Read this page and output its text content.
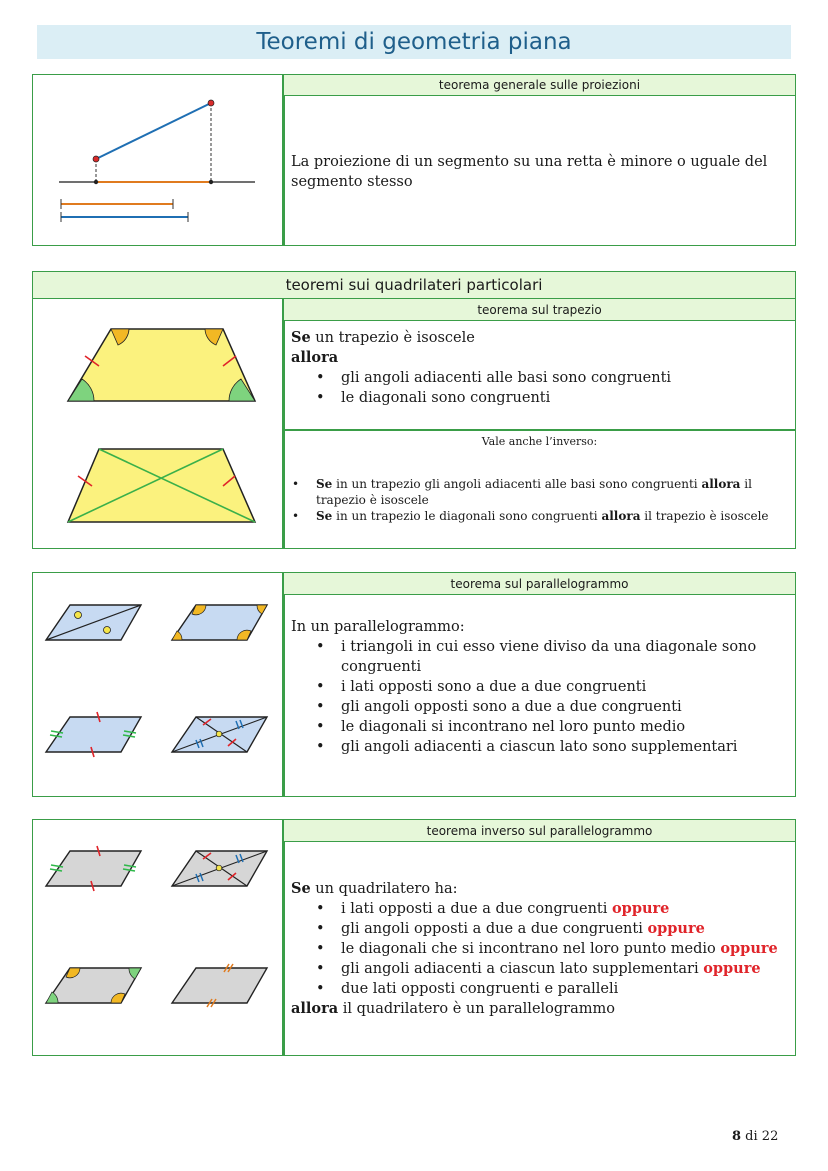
Teoremi di geometria piana
teorema generale sulle proiezioni
La proiezione di un segmento su una retta è minore o uguale del segmento stesso
teoremi sui quadrilateri particolari
teorema sul trapezio
Se un trapezio è isoscele
allora
• gli angoli adiacenti alle basi sono congruenti
• le diagonali sono congruenti
Vale anche l’inverso:
• Se in un trapezio gli angoli adiacenti alle basi sono congruenti allora il trapezio è isoscele
• Se in un trapezio le diagonali sono congruenti allora il trapezio è isoscele
teorema sul parallelogrammo
In un parallelogrammo:
• i triangoli in cui esso viene diviso da una diagonale sono congruenti
• i lati opposti sono a due a due congruenti
• gli angoli opposti sono a due a due congruenti
• le diagonali si incontrano nel loro punto medio
• gli angoli adiacenti a ciascun lato sono supplementari
teorema inverso sul parallelogrammo
Se un quadrilatero ha:
• i lati opposti a due a due congruenti oppure
• gli angoli opposti a due a due congruenti oppure
• le diagonali che si incontrano nel loro punto medio oppure
• gli angoli adiacenti a ciascun lato supplementari oppure
• due lati opposti congruenti e paralleli
allora il quadrilatero è un parallelogrammo
8 di 22
